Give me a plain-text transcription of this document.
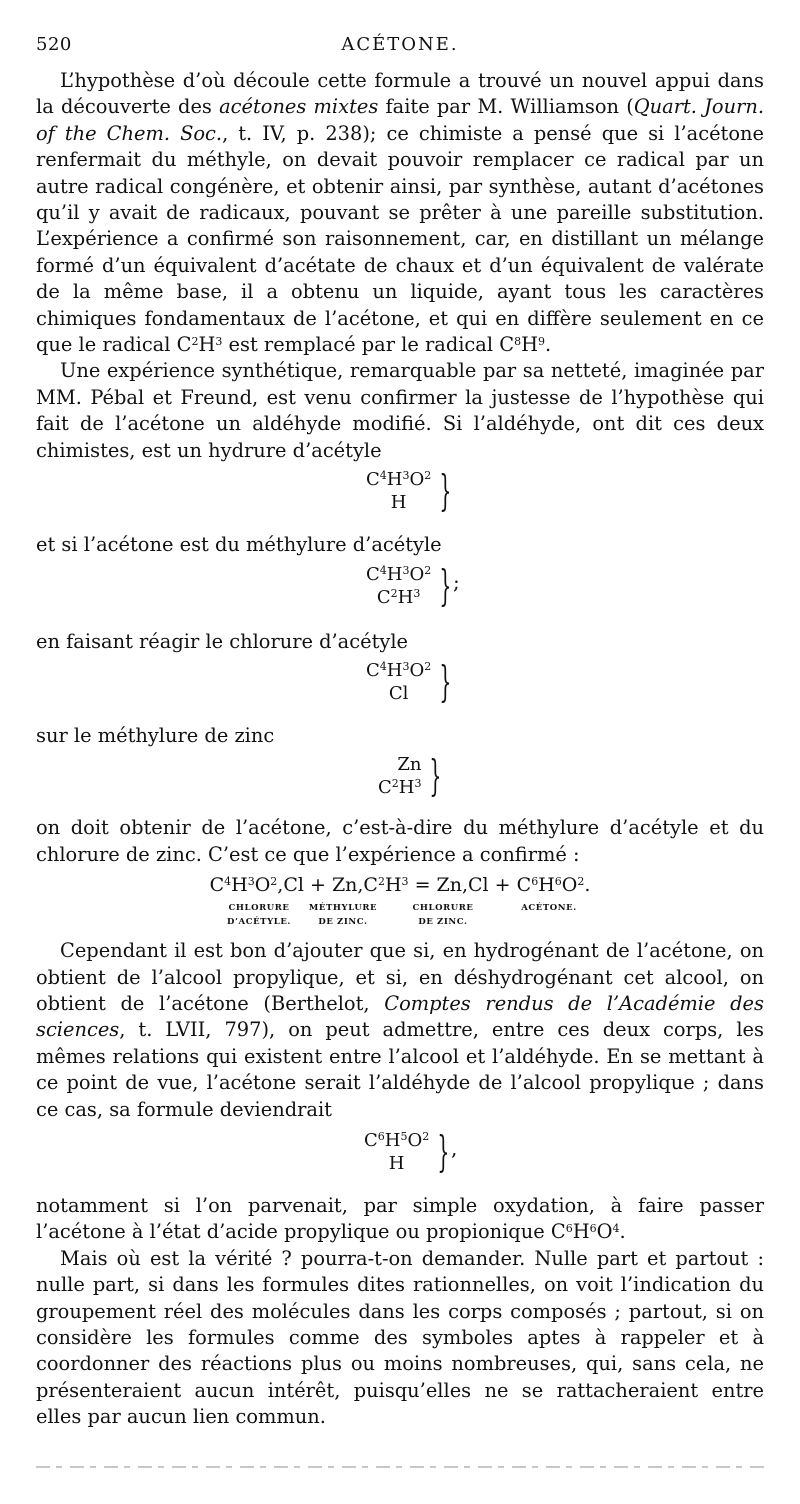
520	ACÉTONE.

L’hypothèse d’où découle cette formule a trouvé un nouvel appui dans la découverte des acétones mixtes faite par M. Williamson (Quart. Journ. of the Chem. Soc., t. IV, p. 238); ce chimiste a pensé que si l’acétone renfermait du méthyle, on devait pouvoir remplacer ce radical par un autre radical congénère, et obtenir ainsi, par synthèse, autant d’acétones qu’il y avait de radicaux, pouvant se prêter à une pareille substitution. L’expérience a confirmé son raisonnement, car, en distillant un mélange formé d’un équivalent d’acétate de chaux et d’un équivalent de valérate de la même base, il a obtenu un liquide, ayant tous les caractères chimiques fondamentaux de l’acétone, et qui en diffère seulement en ce que le radical $C^2H^3$ est remplacé par le radical $C^8H^9$.

Une expérience synthétique, remarquable par sa netteté, imaginée par MM. Pébal et Freund, est venu confirmer la justesse de l’hypothèse qui fait de l’acétone un aldéhyde modifié. Si l’aldéhyde, ont dit ces deux chimistes, est un hydrure d’acétyle

$C^4H^3O^2$
H }

et si l’acétone est du méthylure d’acétyle

$C^4H^3O^2$
$C^2H^3$ } ;

en faisant réagir le chlorure d’acétyle

$C^4H^3O^2$
Cl }

sur le méthylure de zinc

Zn
$C^2H^3$ }

on doit obtenir de l’acétone, c’est-à-dire du méthylure d’acétyle et du chlorure de zinc. C’est ce que l’expérience a confirmé :

$C^4H^3O^2,Cl + Zn,C^2H^3 = Zn,Cl + C^6H^6O^2$.
CHLORURE
D’ACÉTYLE.
MÉTHYLURE
DE ZINC.
CHLORURE
DE ZINC.
ACÉTONE.

Cependant il est bon d’ajouter que si, en hydrogénant de l’acétone, on obtient de l’alcool propylique, et si, en déshydrogénant cet alcool, on obtient de l’acétone (Berthelot, Comptes rendus de l’Académie des sciences, t. LVII, 797), on peut admettre, entre ces deux corps, les mêmes relations qui existent entre l’alcool et l’aldéhyde. En se mettant à ce point de vue, l’acétone serait l’aldéhyde de l’alcool propylique ; dans ce cas, sa formule deviendrait

$C^6H^5O^2$
H } ,

notamment si l’on parvenait, par simple oxydation, à faire passer l’acétone à l’état d’acide propylique ou propionique $C^6H^6O^4$.

Mais où est la vérité ? pourra-t-on demander. Nulle part et partout : nulle part, si dans les formules dites rationnelles, on voit l’indication du groupement réel des molécules dans les corps composés ; partout, si on considère les formules comme des symboles aptes à rappeler et à coordonner des réactions plus ou moins nombreuses, qui, sans cela, ne présenteraient aucun intérêt, puisqu’elles ne se rattacheraient entre elles par aucun lien commun.
